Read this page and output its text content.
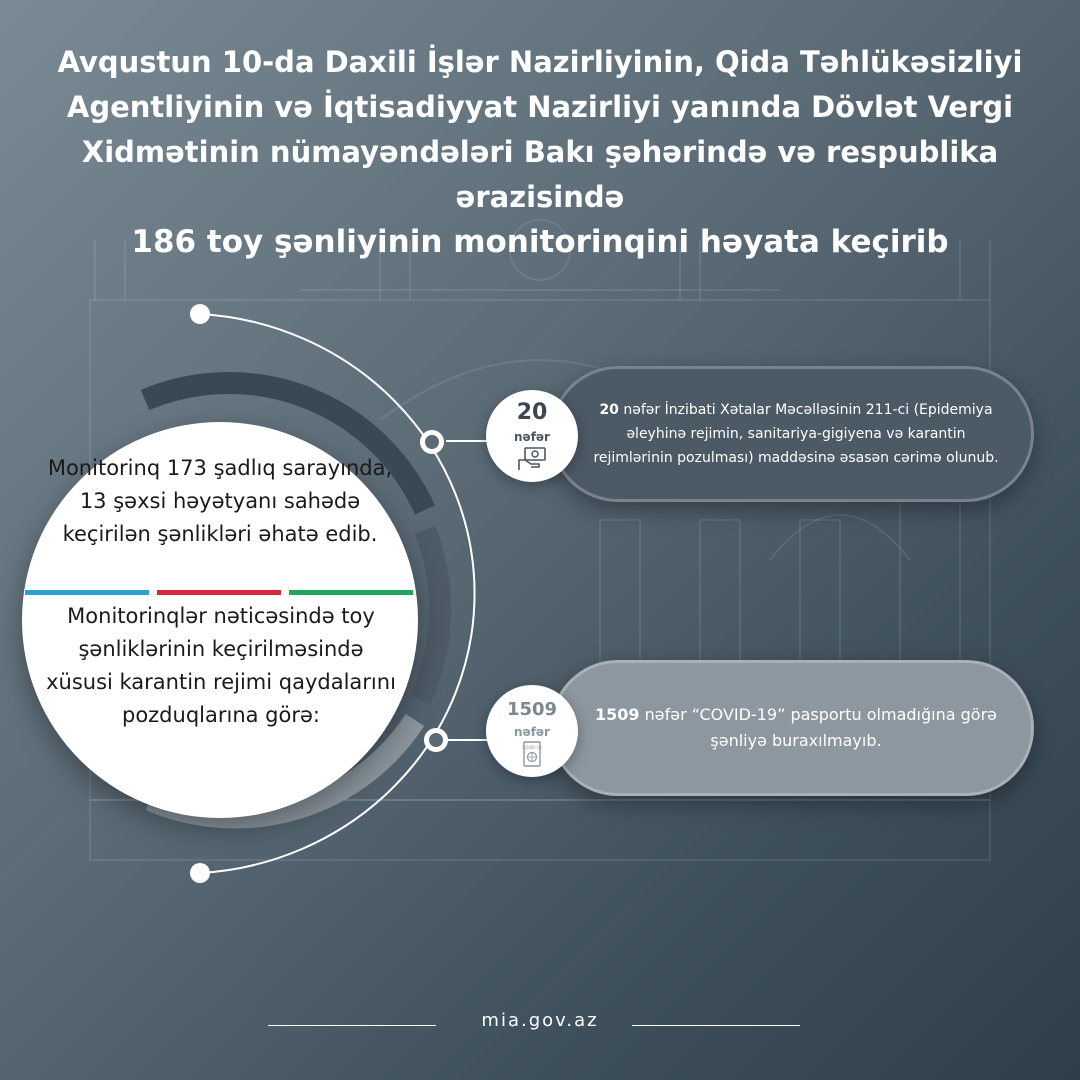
Avqustun 10-da Daxili İşlər Nazirliyinin, Qida Təhlükəsizliyi
Agentliyinin və İqtisadiyyat Nazirliyi yanında Dövlət Vergi
Xidmətinin nümayəndələri Bakı şəhərində və respublika ərazisində
186 toy şənliyinin monitorinqini həyata keçirib
Monitorinq 173 şadlıq sarayında, 13 şəxsi həyətyanı sahədə keçirilən şənlikləri əhatə edib.
Monitorinqlər nəticəsində toy şənliklərinin keçirilməsində xüsusi karantin rejimi qaydalarını pozduqlarına görə:
20 nəfər İnzibati Xətalar Məcəlləsinin 211-ci (Epidemiya əleyhinə rejimin, sanitariya-gigiyena və karantin rejimlərinin pozulması) maddəsinə əsasən cərimə olunub.
20
nəfər
1509 nəfər “COVID-19” pasportu olmadığına görə şənliyə buraxılmayıb.
1509
nəfər
COVID-19
mia.gov.az
